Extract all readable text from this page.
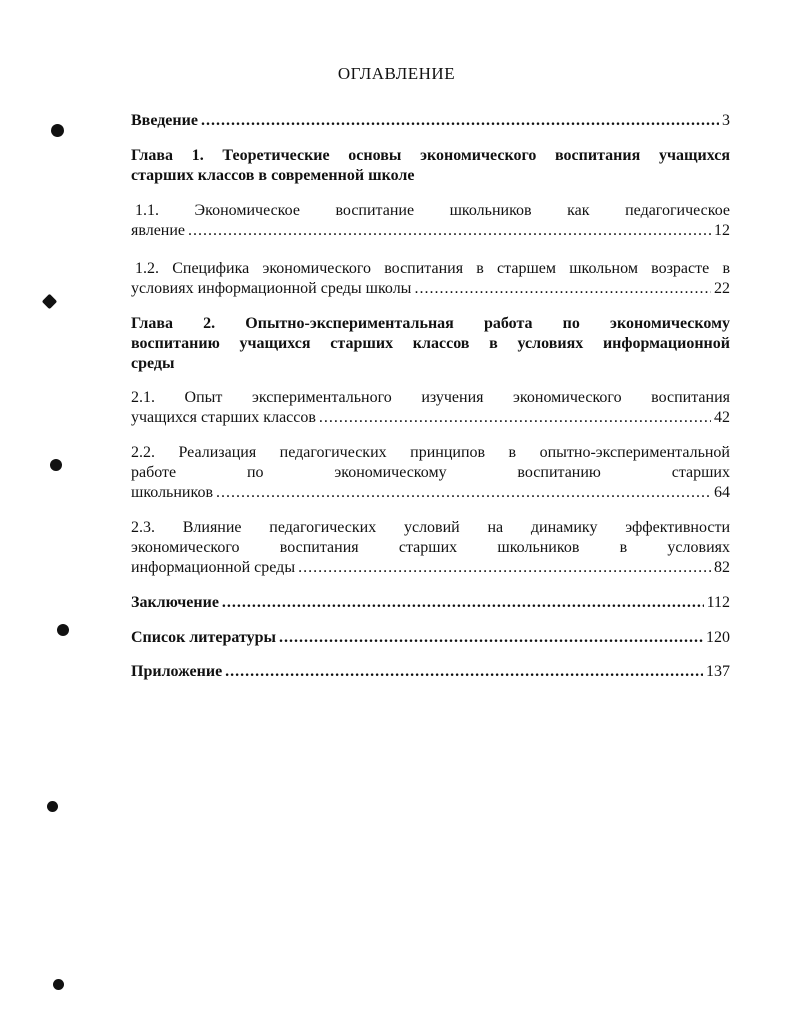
ОГЛАВЛЕНИЕ
Введение .....	3
Глава 1. Теоретические основы экономического воспитания учащихся
старших классов в современной школе
1.1. Экономическое воспитание школьников как педагогическое
явление .....	12
1.2. Специфика экономического воспитания в старшем школьном возрасте в
условиях информационной среды школы .....	22
Глава 2. Опытно-экспериментальная работа по экономическому
воспитанию учащихся старших классов в условиях информационной
среды
2.1. Опыт экспериментального изучения экономического воспитания
учащихся старших классов .....	42
2.2. Реализация педагогических принципов в опытно-экспериментальной
работе по экономическому воспитанию старших
школьников .....	64
2.3. Влияние педагогических условий на динамику эффективности
экономического воспитания старших школьников в условиях
информационной среды .....	82
Заключение .....	112
Список литературы .....	120
Приложение .....	137
